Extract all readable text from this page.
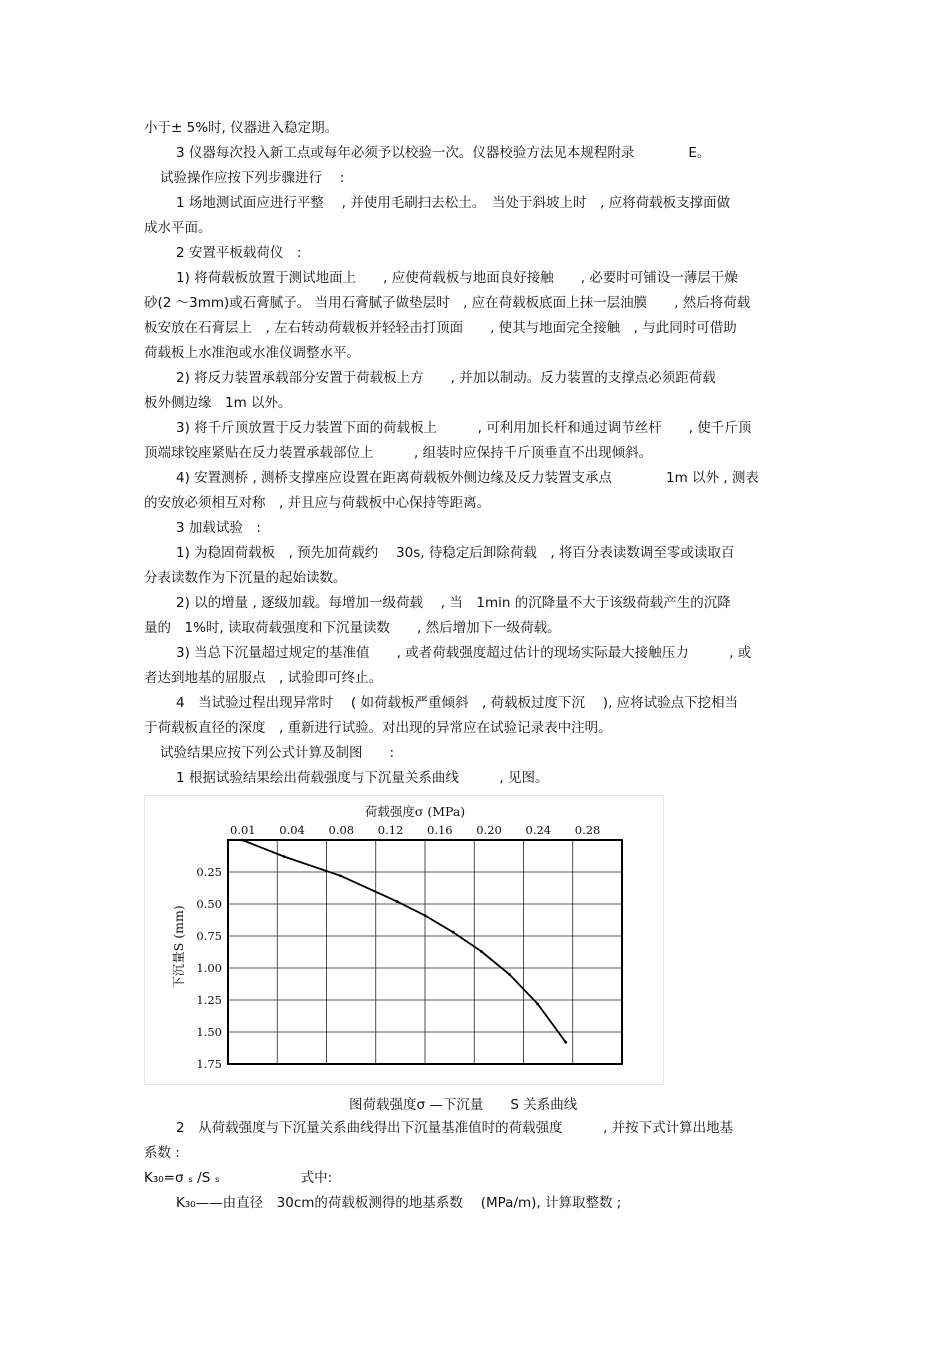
小于± 5%时, 仪器进入稳定期。
3 仪器每次投入新工点或每年必须予以校验一次。仪器校验方法见本规程附录　　　　E。
试验操作应按下列步骤进行　 :
1 场地测试面应进行平整　 , 并使用毛刷扫去松土。　当处于斜坡上时　, 应将荷载板支撑面做
成水平面。
2 安置平板载荷仪　:
1) 将荷载板放置于测试地面上　　, 应使荷载板与地面良好接触　　, 必要时可铺设一薄层干燥
砂(2 ～3mm)或石膏腻子。 当用石膏腻子做垫层时　, 应在荷载板底面上抹一层油膜　　, 然后将荷载
板安放在石膏层上　, 左右转动荷载板并轻轻击打顶面　　, 使其与地面完全接触　, 与此同时可借助
荷载板上水准泡或水准仪调整水平。
2) 将反力装置承载部分安置于荷载板上方　　, 并加以制动。反力装置的支撑点必须距荷载
板外侧边缘　1m 以外。
3) 将千斤顶放置于反力装置下面的荷载板上　　　, 可利用加长杆和通过调节丝杆　　, 使千斤顶
顶端球铰座紧贴在反力装置承载部位上　　　, 组装时应保持千斤顶垂直不出现倾斜。
4) 安置测桥 , 测桥支撑座应设置在距离荷载板外侧边缘及反力装置支承点　　　　1m 以外 , 测表
的安放必须相互对称　, 并且应与荷载板中心保持等距离。
3 加载试验　:
1) 为稳固荷载板　, 预先加荷载约　 30s, 待稳定后卸除荷载　, 将百分表读数调至零或读取百
分表读数作为下沉量的起始读数。
2) 以的增量 , 逐级加载。每增加一级荷载　 , 当　1min 的沉降量不大于该级荷载产生的沉降
量的　1%时, 读取荷载强度和下沉量读数　　, 然后增加下一级荷载。
3) 当总下沉量超过规定的基准值　　, 或者荷载强度超过估计的现场实际最大接触压力　　　, 或
者达到地基的屈服点　, 试验即可终止。
4　当试验过程出现异常时　 ( 如荷载板严重倾斜　, 荷载板过度下沉　 ), 应将试验点下挖相当
于荷载板直径的深度　, 重新进行试验。对出现的异常应在试验记录表中注明。
试验结果应按下列公式计算及制图　　:
1 根据试验结果绘出荷载强度与下沉量关系曲线　　　, 见图。
0.01 0.04 0.08 0.12 0.16 0.20 0.24 0.28
0.25
0.50
0.75
1.00
1.25
1.50
1.75
荷载强度σ (MPa)
下沉量S (mm)
图荷载强度σ —下沉量　　S 关系曲线
2　从荷载强度与下沉量关系曲线得出下沉量基准值时的荷载强度　　　, 并按下式计算出地基
系数 :
K₃₀=σ ₛ /S ₛ　　　　　　式中:
K₃₀——由直径　30cm的荷载板测得的地基系数　 (MPa/m), 计算取整数 ;
